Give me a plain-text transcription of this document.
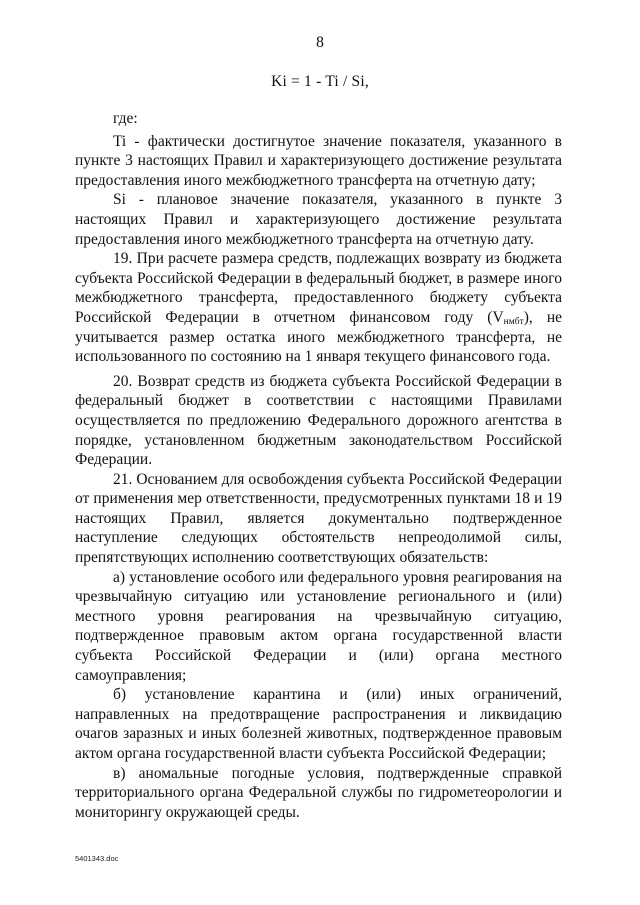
8
Ki = 1 - Ti / Si,

где:

Ti - фактически достигнутое значение показателя, указанного в пункте 3 настоящих Правил и характеризующего достижение результата предоставления иного межбюджетного трансферта на отчетную дату;

Si - плановое значение показателя, указанного в пункте 3 настоящих Правил и характеризующего достижение результата предоставления иного межбюджетного трансферта на отчетную дату.

19. При расчете размера средств, подлежащих возврату из бюджета субъекта Российской Федерации в федеральный бюджет, в размере иного межбюджетного трансферта, предоставленного бюджету субъекта Российской Федерации в отчетном финансовом году $(V_{нмбт})$, не учитывается размер остатка иного межбюджетного трансферта, не использованного по состоянию на 1 января текущего финансового года.

20. Возврат средств из бюджета субъекта Российской Федерации в федеральный бюджет в соответствии с настоящими Правилами осуществляется по предложению Федерального дорожного агентства в порядке, установленном бюджетным законодательством Российской Федерации.

21. Основанием для освобождения субъекта Российской Федерации от применения мер ответственности, предусмотренных пунктами 18 и 19 настоящих Правил, является документально подтвержденное наступление следующих обстоятельств непреодолимой силы, препятствующих исполнению соответствующих обязательств:

а) установление особого или федерального уровня реагирования на чрезвычайную ситуацию или установление регионального и (или) местного уровня реагирования на чрезвычайную ситуацию, подтвержденное правовым актом органа государственной власти субъекта Российской Федерации и (или) органа местного самоуправления;

б) установление карантина и (или) иных ограничений, направленных на предотвращение распространения и ликвидацию очагов заразных и иных болезней животных, подтвержденное правовым актом органа государственной власти субъекта Российской Федерации;

в) аномальные погодные условия, подтвержденные справкой территориального органа Федеральной службы по гидрометеорологии и мониторингу окружающей среды.

5401343.doc
